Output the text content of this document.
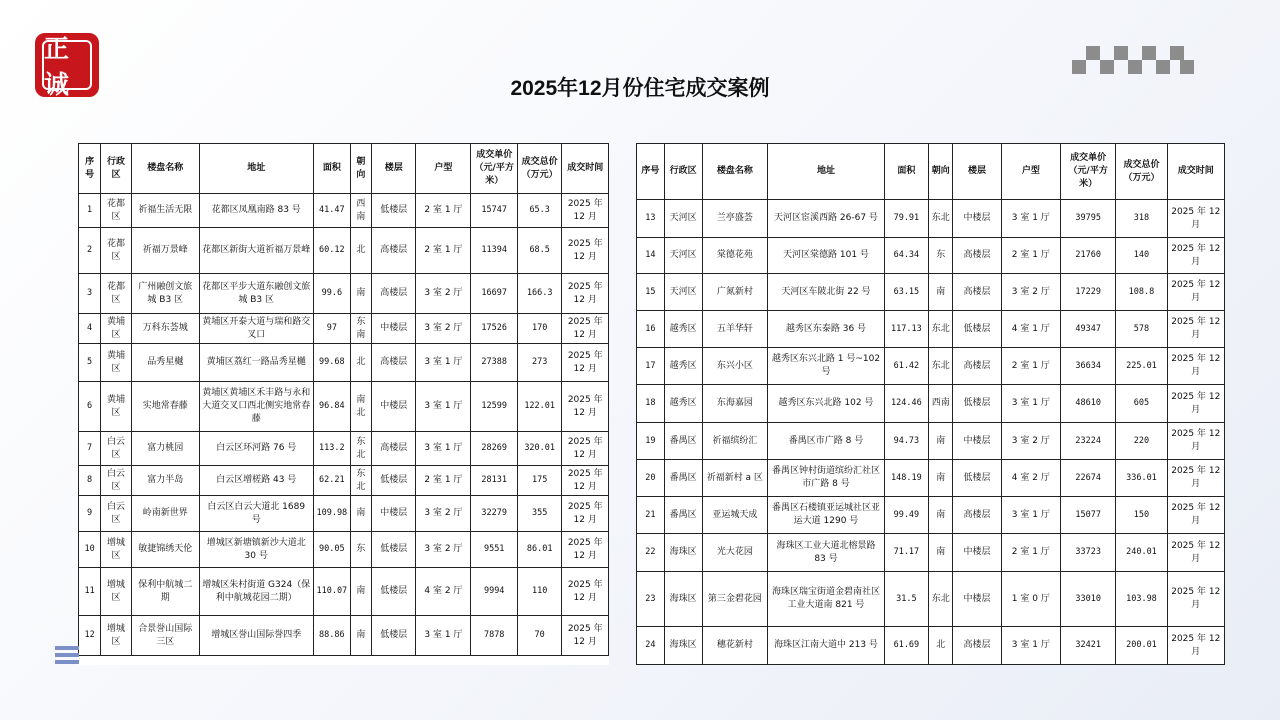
正诚	2025年12月份住宅成交案例
序号	行政区	楼盘名称	地址	面积	朝向	楼层	户型	成交单价（元/平方米）	成交总价（万元）	成交时间
1	花都区	祈福生活无限	花都区凤凰南路 83 号	41.47	西南	低楼层	2 室 1 厅	15747	65.3	2025 年 12 月
2	花都区	祈福万景峰	花都区新街大道祈福万景峰	60.12	北	高楼层	2 室 1 厅	11394	68.5	2025 年 12 月
3	花都区	广州融创文旅城 B3 区	花都区平步大道东融创文旅城 B3 区	99.6	南	高楼层	3 室 2 厅	16697	166.3	2025 年 12 月
4	黄埔区	万科东荟城	黄埔区开泰大道与瑞和路交叉口	97	东南	中楼层	3 室 2 厅	17526	170	2025 年 12 月
5	黄埔区	品秀星樾	黄埔区荔红一路品秀星樾	99.68	北	高楼层	3 室 1 厅	27388	273	2025 年 12 月
6	黄埔区	实地常春藤	黄埔区黄埔区禾丰路与永和大道交叉口西北侧实地常春藤	96.84	南北	中楼层	3 室 1 厅	12599	122.01	2025 年 12 月
7	白云区	富力桃园	白云区环河路 76 号	113.2	东北	高楼层	3 室 1 厅	28269	320.01	2025 年 12 月
8	白云区	富力半岛	白云区增槎路 43 号	62.21	东北	低楼层	2 室 1 厅	28131	175	2025 年 12 月
9	白云区	岭南新世界	白云区白云大道北 1689 号	109.98	南	中楼层	3 室 2 厅	32279	355	2025 年 12 月
10	增城区	敏捷锦绣天伦	增城区新塘镇新沙大道北 30 号	90.05	东	低楼层	3 室 2 厅	9551	86.01	2025 年 12 月
11	增城区	保利中航城二期	增城区朱村街道 G324（保利中航城花园二期）	110.07	南	低楼层	4 室 2 厅	9994	110	2025 年 12 月
12	增城区	合景誉山国际三区	增城区誉山国际誉四季	88.86	南	低楼层	3 室 1 厅	7878	70	2025 年 12 月
序号	行政区	楼盘名称	地址	面积	朝向	楼层	户型	成交单价（元/平方米）	成交总价（万元）	成交时间
13	天河区	兰亭盛荟	天河区宦溪西路 26-67 号	79.91	东北	中楼层	3 室 1 厅	39795	318	2025 年 12 月
14	天河区	棠德花苑	天河区棠德路 101 号	64.34	东	高楼层	2 室 1 厅	21760	140	2025 年 12 月
15	天河区	广氮新村	天河区车陂北街 22 号	63.15	南	高楼层	3 室 2 厅	17229	108.8	2025 年 12 月
16	越秀区	五羊华轩	越秀区东泰路 36 号	117.13	东北	低楼层	4 室 1 厅	49347	578	2025 年 12 月
17	越秀区	东兴小区	越秀区东兴北路 1 号~102 号	61.42	东北	高楼层	2 室 1 厅	36634	225.01	2025 年 12 月
18	越秀区	东海嘉园	越秀区东兴北路 102 号	124.46	西南	低楼层	3 室 1 厅	48610	605	2025 年 12 月
19	番禺区	祈福缤纷汇	番禺区市广路 8 号	94.73	南	中楼层	3 室 2 厅	23224	220	2025 年 12 月
20	番禺区	祈福新村 a 区	番禺区钟村街道缤纷汇社区市广路 8 号	148.19	南	低楼层	4 室 2 厅	22674	336.01	2025 年 12 月
21	番禺区	亚运城天成	番禺区石楼镇亚运城社区亚运大道 1290 号	99.49	南	高楼层	3 室 1 厅	15077	150	2025 年 12 月
22	海珠区	光大花园	海珠区工业大道北榕景路 83 号	71.17	南	中楼层	2 室 1 厅	33723	240.01	2025 年 12 月
23	海珠区	第三金碧花园	海珠区瑞宝街道金碧南社区工业大道南 821 号	31.5	东北	中楼层	1 室 0 厅	33010	103.98	2025 年 12 月
24	海珠区	穗花新村	海珠区江南大道中 213 号	61.69	北	高楼层	3 室 1 厅	32421	200.01	2025 年 12 月
